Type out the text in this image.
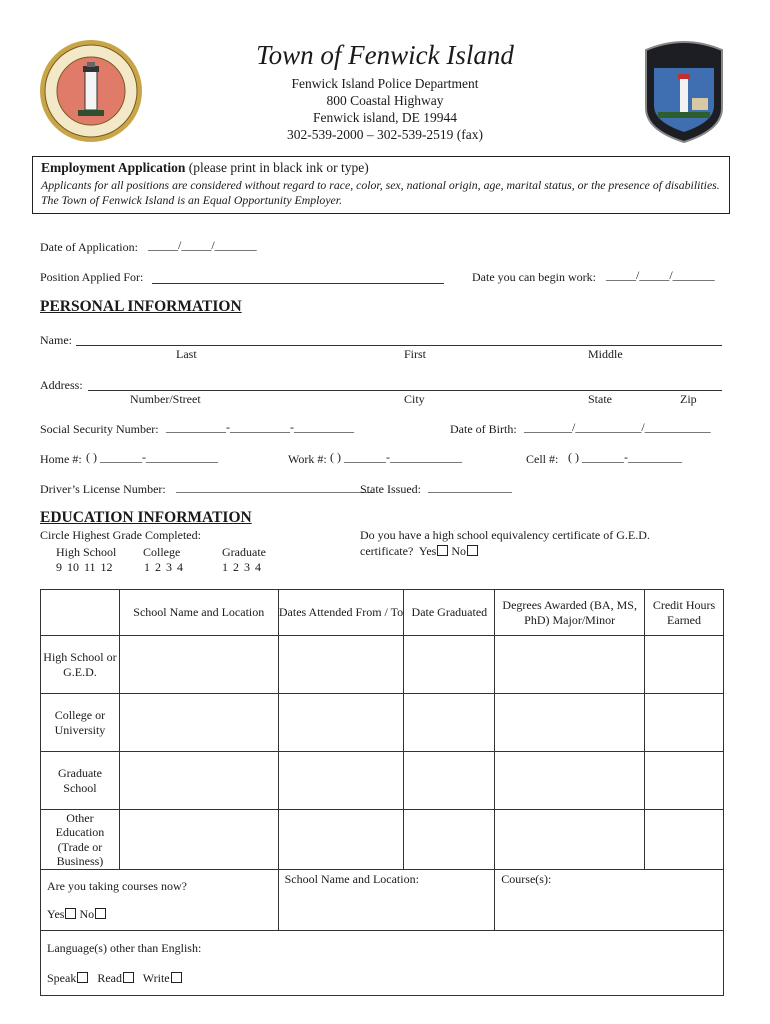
Town of Fenwick Island
Fenwick Island Police Department
800 Coastal Highway
Fenwick island, DE 19944
302-539-2000 – 302-539-2519 (fax)
Employment Application (please print in black ink or type)
Applicants for all positions are considered without regard to race, color, sex, national origin, age, marital status, or the presence of disabilities. The Town of Fenwick Island is an Equal Opportunity Employer.
Date of Application: _____/_____/_______
Position Applied For:	Date you can begin work: _____/_____/_______
PERSONAL INFORMATION
Name:
Last	First	Middle
Address:
Number/Street	City	State	Zip
Social Security Number: __________-__________-__________	Date of Birth: ________/___________/___________
Home #: ( ) _______-____________	Work #: ( ) _______-____________	Cell #: ( ) _______-_________
Driver’s License Number: _________________________________
State Issued: ______________
EDUCATION INFORMATION
Circle Highest Grade Completed:
High School
9 10 11 12
College
1 2 3 4
Graduate
1 2 3 4
Do you have a high school equivalency certificate of G.E.D.
certificate? Yes No
	School Name and Location	Dates Attended From / To	Date Graduated	Degrees Awarded (BA, MS, PhD) Major/Minor	Credit Hours Earned
High School or G.E.D.					
College or University					
Graduate School					
Other Education (Trade or Business)					

Are you taking courses now?
Yes No		School Name and Location:		Course(s):	

Language(s) other than English:
Speak Read Write					
